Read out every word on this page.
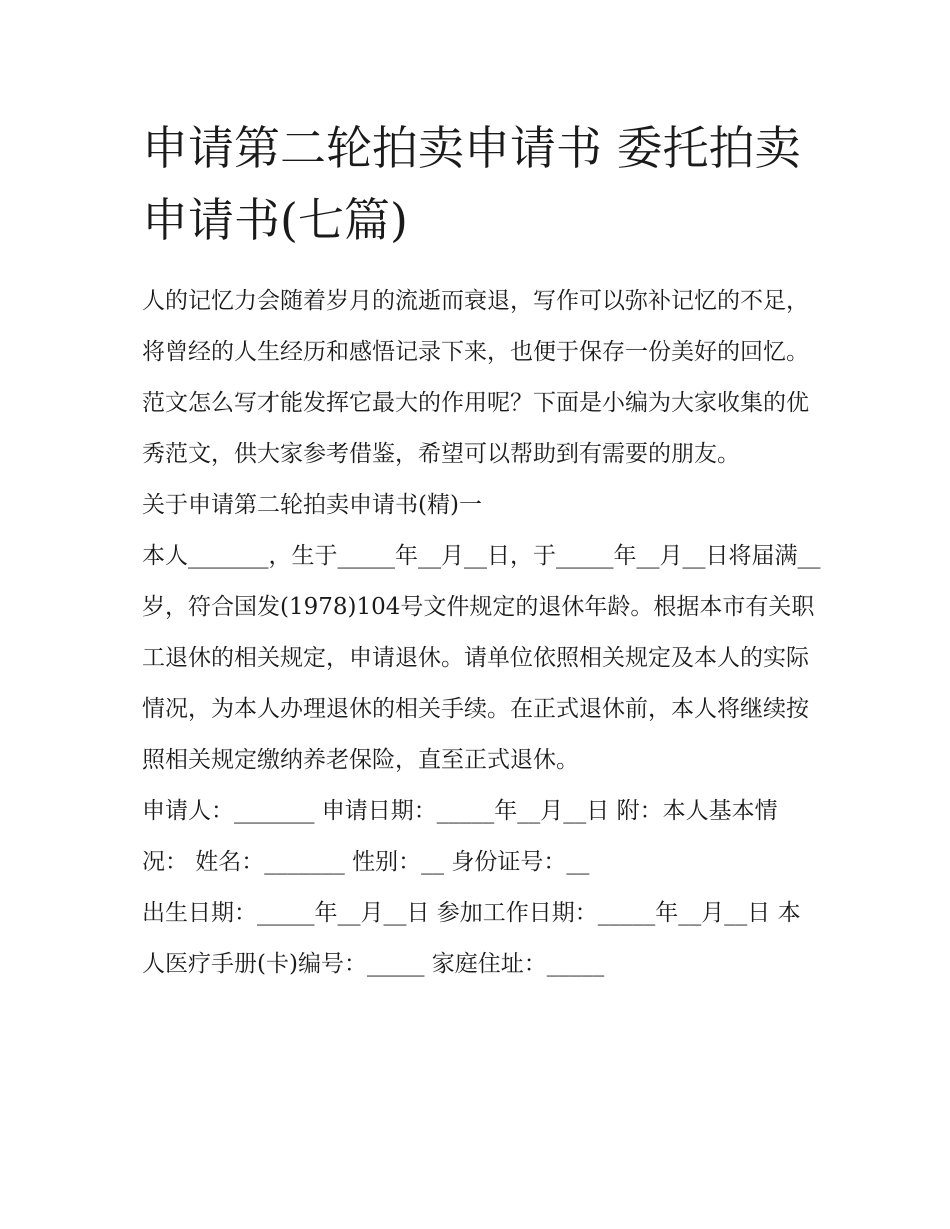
申请第二轮拍卖申请书 委托拍卖申请书(七篇)

人的记忆力会随着岁月的流逝而衰退，写作可以弥补记忆的不足，将曾经的人生经历和感悟记录下来，也便于保存一份美好的回忆。范文怎么写才能发挥它最大的作用呢？下面是小编为大家收集的优秀范文，供大家参考借鉴，希望可以帮助到有需要的朋友。

关于申请第二轮拍卖申请书(精)一

本人_______，生于_____年__月__日，于_____年__月__日将届满__岁，符合国发(1978)104号文件规定的退休年龄。根据本市有关职工退休的相关规定，申请退休。请单位依照相关规定及本人的实际情况，为本人办理退休的相关手续。在正式退休前，本人将继续按照相关规定缴纳养老保险，直至正式退休。

申请人：_______ 申请日期：_____年__月__日 附：本人基本情况： 姓名：_______ 性别：__ 身份证号：__

出生日期：_____年__月__日 参加工作日期：_____年__月__日 本人医疗手册(卡)编号：_____ 家庭住址：_____
